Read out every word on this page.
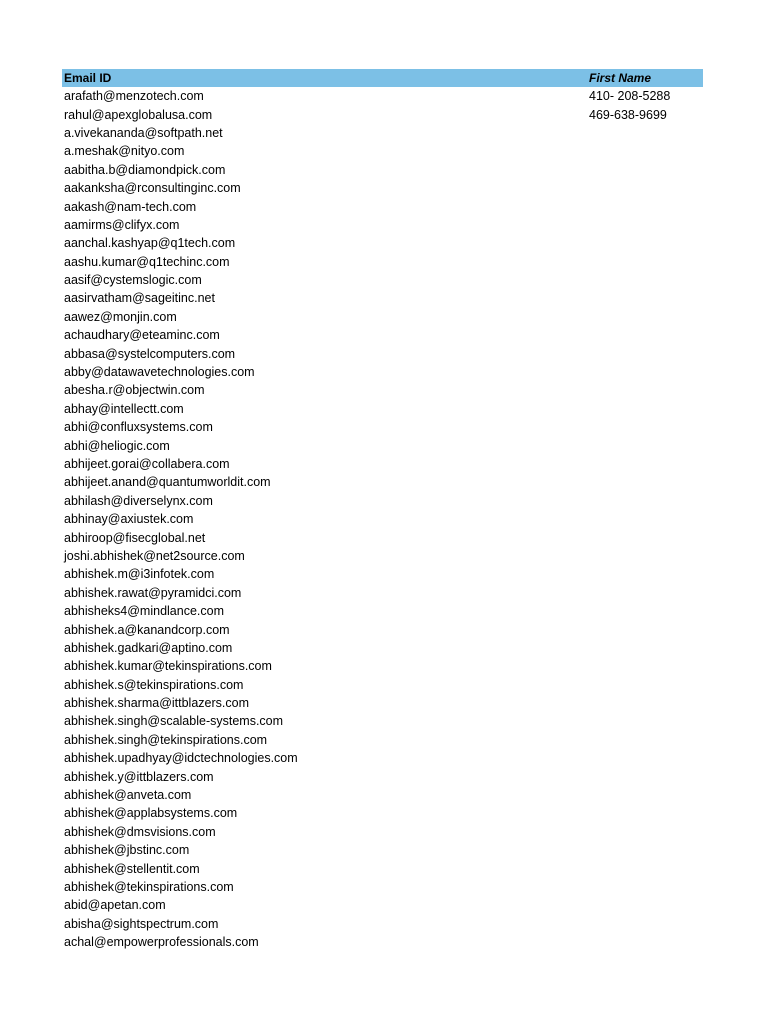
Email ID	First Name
arafath@menzotech.com	410- 208-5288
rahul@apexglobalusa.com	469-638-9699
a.vivekananda@softpath.net
a.meshak@nityo.com
aabitha.b@diamondpick.com
aakanksha@rconsultinginc.com
aakash@nam-tech.com
aamirms@clifyx.com
aanchal.kashyap@q1tech.com
aashu.kumar@q1techinc.com
aasif@cystemslogic.com
aasirvatham@sageitinc.net
aawez@monjin.com
achaudhary@eteaminc.com
abbasa@systelcomputers.com
abby@datawavetechnologies.com
abesha.r@objectwin.com
abhay@intellectt.com
abhi@confluxsystems.com
abhi@heliogic.com
abhijeet.gorai@collabera.com
abhijeet.anand@quantumworldit.com
abhilash@diverselynx.com
abhinay@axiustek.com
abhiroop@fisecglobal.net
joshi.abhishek@net2source.com
abhishek.m@i3infotek.com
abhishek.rawat@pyramidci.com
abhisheks4@mindlance.com
abhishek.a@kanandcorp.com
abhishek.gadkari@aptino.com
abhishek.kumar@tekinspirations.com
abhishek.s@tekinspirations.com
abhishek.sharma@ittblazers.com
abhishek.singh@scalable-systems.com
abhishek.singh@tekinspirations.com
abhishek.upadhyay@idctechnologies.com
abhishek.y@ittblazers.com
abhishek@anveta.com
abhishek@applabsystems.com
abhishek@dmsvisions.com
abhishek@jbstinc.com
abhishek@stellentit.com
abhishek@tekinspirations.com
abid@apetan.com
abisha@sightspectrum.com
achal@empowerprofessionals.com
